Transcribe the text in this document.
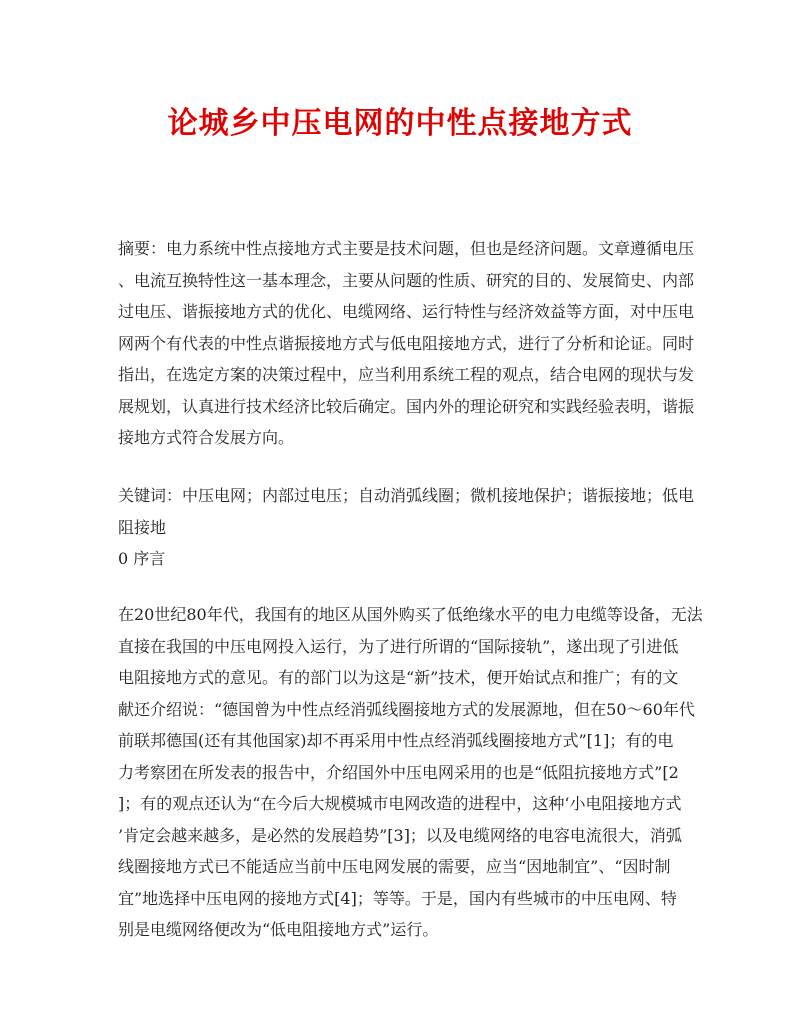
论城乡中压电网的中性点接地方式
摘要：电力系统中性点接地方式主要是技术问题，但也是经济问题。文章遵循电压
、电流互换特性这一基本理念，主要从问题的性质、研究的目的、发展简史、内部
过电压、谐振接地方式的优化、电缆网络、运行特性与经济效益等方面，对中压电
网两个有代表的中性点谐振接地方式与低电阻接地方式，进行了分析和论证。同时
指出，在选定方案的决策过程中，应当利用系统工程的观点，结合电网的现状与发
展规划，认真进行技术经济比较后确定。国内外的理论研究和实践经验表明，谐振
接地方式符合发展方向。
关键词：中压电网；内部过电压；自动消弧线圈；微机接地保护；谐振接地；低电
阻接地
0 序言
在20世纪80年代，我国有的地区从国外购买了低绝缘水平的电力电缆等设备，无法
直接在我国的中压电网投入运行，为了进行所谓的“国际接轨”，遂出现了引进低
电阻接地方式的意见。有的部门以为这是“新”技术，便开始试点和推广；有的文
献还介绍说：“德国曾为中性点经消弧线圈接地方式的发展源地，但在50～60年代
前联邦德国(还有其他国家)却不再采用中性点经消弧线圈接地方式”[1]；有的电
力考察团在所发表的报告中，介绍国外中压电网采用的也是“低阻抗接地方式”[2
]；有的观点还认为“在今后大规模城市电网改造的进程中，这种‘小电阻接地方式
’肯定会越来越多，是必然的发展趋势”[3]；以及电缆网络的电容电流很大，消弧
线圈接地方式已不能适应当前中压电网发展的需要，应当“因地制宜”、“因时制
宜”地选择中压电网的接地方式[4]；等等。于是，国内有些城市的中压电网、特
别是电缆网络便改为“低电阻接地方式”运行。
